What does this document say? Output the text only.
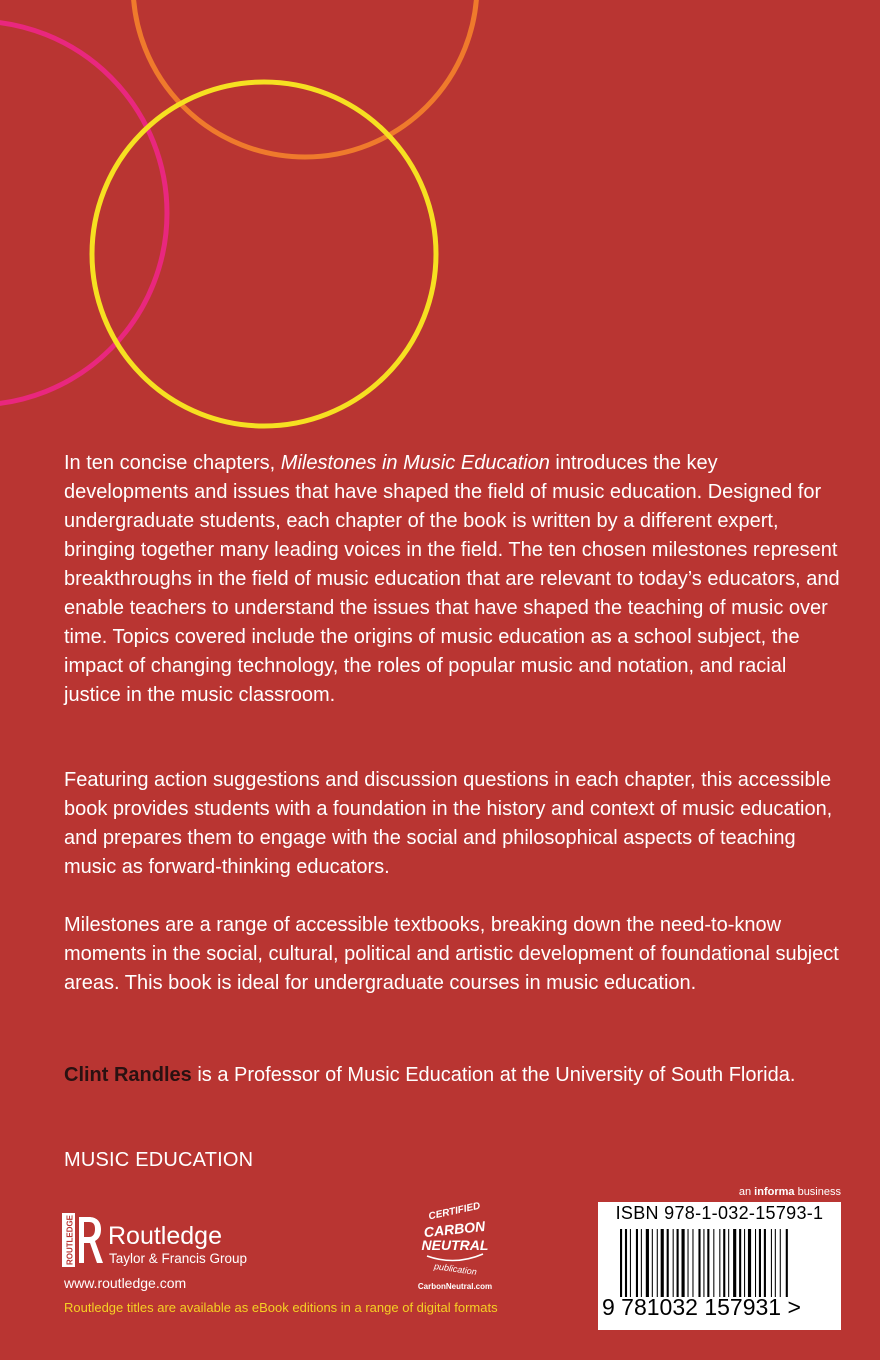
In ten concise chapters, Milestones in Music Education introduces the key developments and issues that have shaped the field of music education. Designed for undergraduate students, each chapter of the book is written by a different expert, bringing together many leading voices in the field. The ten chosen milestones represent breakthroughs in the field of music education that are relevant to today’s educators, and enable teachers to understand the issues that have shaped the teaching of music over time. Topics covered include the origins of music education as a school subject, the impact of changing technology, the roles of popular music and notation, and racial justice in the music classroom.

Featuring action suggestions and discussion questions in each chapter, this accessible book provides students with a foundation in the history and context of music education, and prepares them to engage with the social and philosophical aspects of teaching music as forward-thinking educators.

Milestones are a range of accessible textbooks, breaking down the need-to-know moments in the social, cultural, political and artistic development of foundational subject areas. This book is ideal for undergraduate courses in music education.

Clint Randles is a Professor of Music Education at the University of South Florida.

MUSIC EDUCATION
ROUTLEDGE Routledge
Taylor & Francis Group
www.routledge.com
Routledge titles are available as eBook editions in a range of digital formats
CERTIFIED
CARBON
NEUTRAL
publication
CarbonNeutral.com
an informa business
ISBN 978-1-032-15793-1
9 781032 157931 >
